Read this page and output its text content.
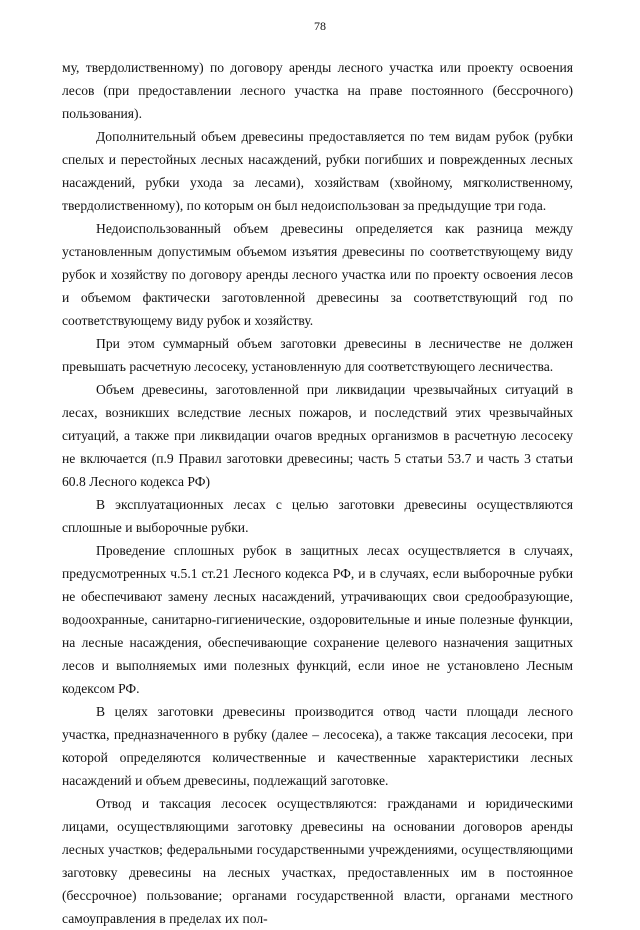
78

му, твердолиственному) по договору аренды лесного участка или проекту освоения лесов (при предоставлении лесного участка на праве постоянного (бессрочного) пользования).

Дополнительный объем древесины предоставляется по тем видам рубок (рубки спелых и перестойных лесных насаждений, рубки погибших и поврежденных лесных насаждений, рубки ухода за лесами), хозяйствам (хвойному, мягколиственному, твердолиственному), по которым он был недоиспользован за предыдущие три года.

Недоиспользованный объем древесины определяется как разница между установленным допустимым объемом изъятия древесины по соответствующему виду рубок и хозяйству по договору аренды лесного участка или по проекту освоения лесов и объемом фактически заготовленной древесины за соответствующий год по соответствующему виду рубок и хозяйству.

При этом суммарный объем заготовки древесины в лесничестве не должен превышать расчетную лесосеку, установленную для соответствующего лесничества.

Объем древесины, заготовленной при ликвидации чрезвычайных ситуаций в лесах, возникших вследствие лесных пожаров, и последствий этих чрезвычайных ситуаций, а также при ликвидации очагов вредных организмов в расчетную лесосеку не включается (п.9 Правил заготовки древесины; часть 5 статьи 53.7 и часть 3 статьи 60.8 Лесного кодекса РФ)

В эксплуатационных лесах с целью заготовки древесины осуществляются сплошные и выборочные рубки.

Проведение сплошных рубок в защитных лесах осуществляется в случаях, предусмотренных ч.5.1 ст.21 Лесного кодекса РФ, и в случаях, если выборочные рубки не обеспечивают замену лесных насаждений, утрачивающих свои средообразующие, водоохранные, санитарно-гигиенические, оздоровительные и иные полезные функции, на лесные насаждения, обеспечивающие сохранение целевого назначения защитных лесов и выполняемых ими полезных функций, если иное не установлено Лесным кодексом РФ.

В целях заготовки древесины производится отвод части площади лесного участка, предназначенного в рубку (далее – лесосека), а также таксация лесосеки, при которой определяются количественные и качественные характеристики лесных насаждений и объем древесины, подлежащий заготовке.

Отвод и таксация лесосек осуществляются: гражданами и юридическими лицами, осуществляющими заготовку древесины на основании договоров аренды лесных участков; федеральными государственными учреждениями, осуществляющими заготовку древесины на лесных участках, предоставленных им в постоянное (бессрочное) пользование; органами государственной власти, органами местного самоуправления в пределах их пол-
